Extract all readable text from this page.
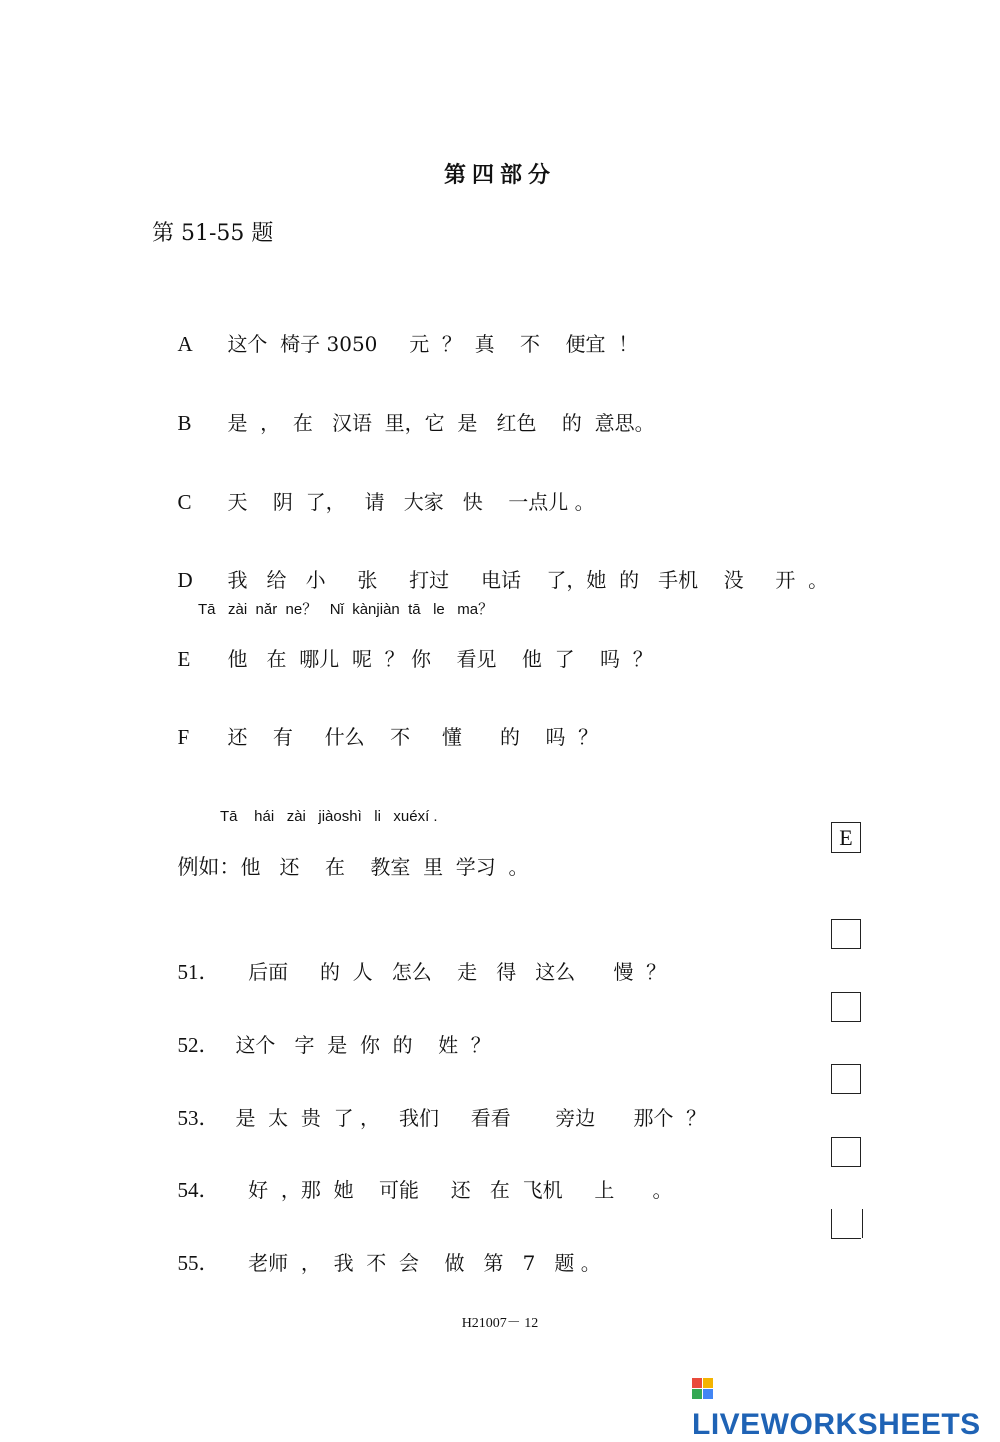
第四部分
第 51-55 题

A 这个  椅子 3050     元  ？  真    不    便宜  ！

B 是  ，  在   汉语  里，它  是   红色    的  意思。

C 天    阴  了，   请   大家   快    一点儿 。

D 我   给   小     张     打过     电话    了，她  的   手机    没     开  。

Tā   zài  nǎr  ne？   Nǐ  kànjiàn  tā   le   ma？

E 他   在  哪儿  呢  ？ 你    看见    他  了    吗  ？

F 还    有     什么    不     懂      的    吗  ？

Tā    hái   zài   jiàoshì   li   xuéxí .

例如：他   还    在    教室  里  学习  。

E

51．  后面     的  人   怎么    走   得   这么      慢  ？

52． 这个   字  是  你  的    姓  ？

53． 是  太  贵  了 ，   我们     看看       旁边      那个  ？

54．  好  ，那  她    可能     还   在  飞机     上      。

55．  老师  ，  我  不  会    做   第   7   题 。

H21007－ 12
LIVEWORKSHEETS
